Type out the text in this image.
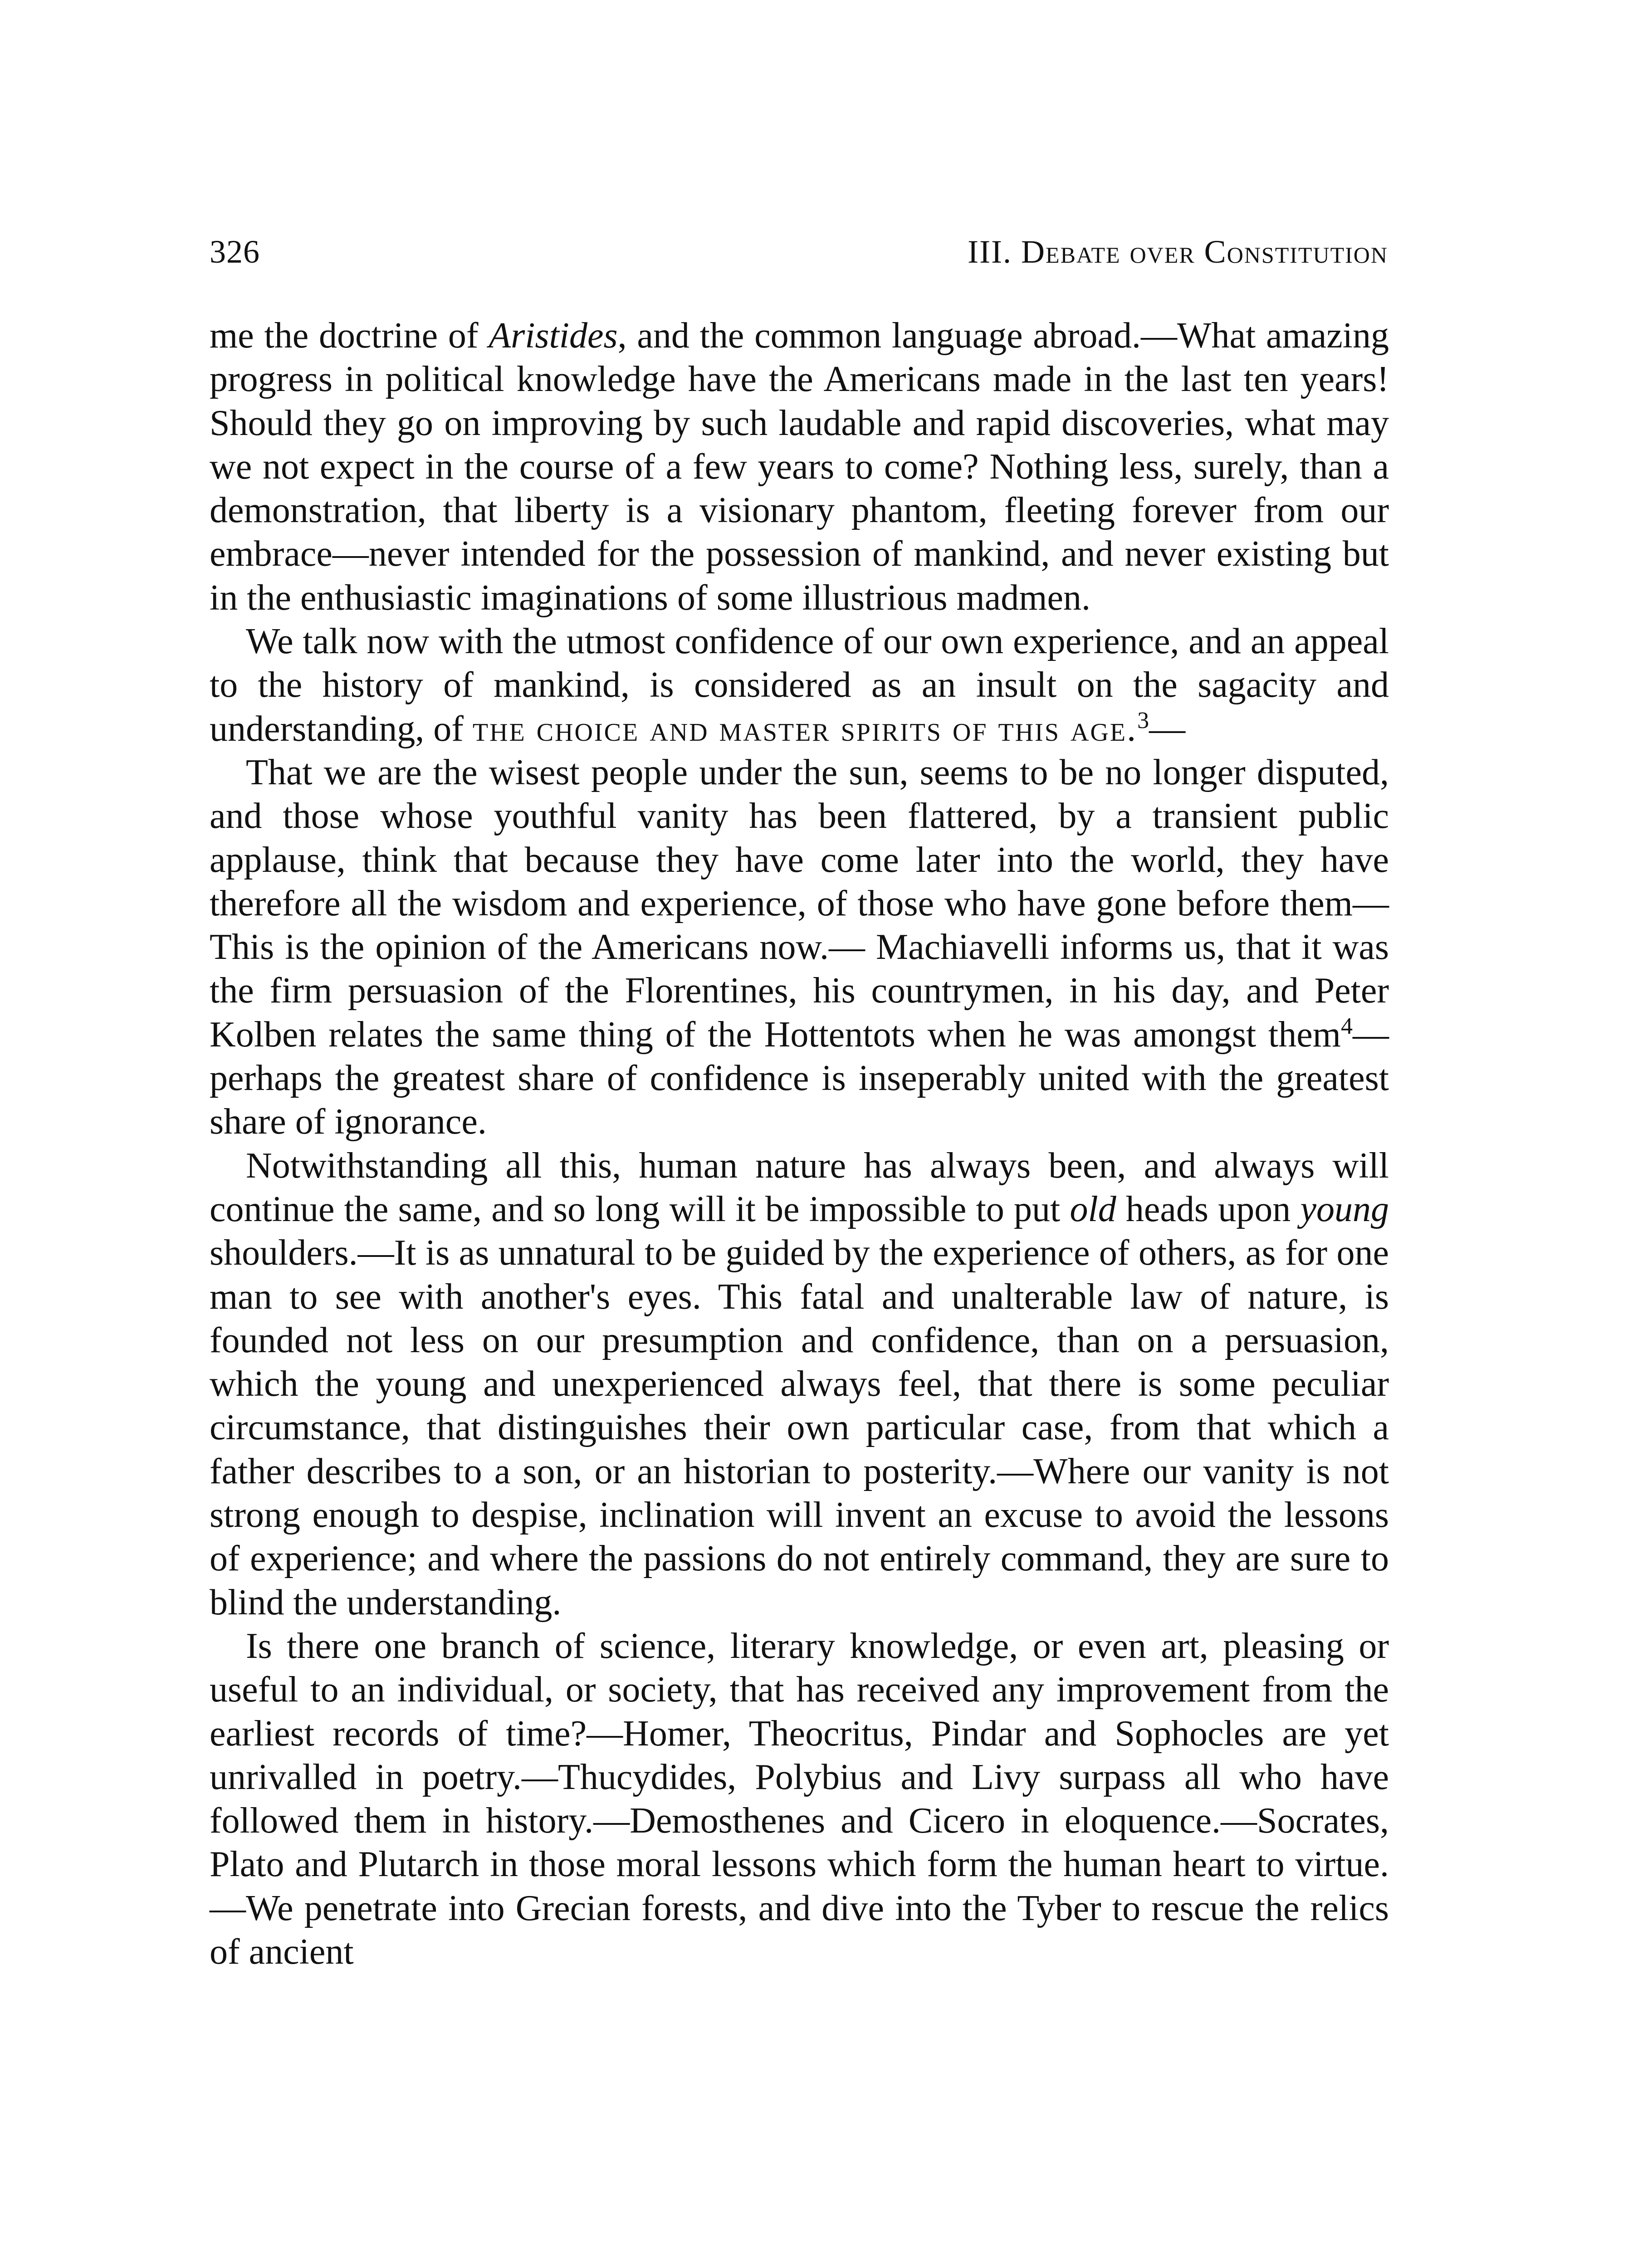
326	III. Debate over Constitution

me the doctrine of Aristides, and the common language abroad.—What amazing progress in political knowledge have the Americans made in the last ten years! Should they go on improving by such laudable and rapid discoveries, what may we not expect in the course of a few years to come? Nothing less, surely, than a demonstration, that liberty is a visionary phantom, fleeting forever from our embrace—never intended for the possession of mankind, and never existing but in the enthusiastic imaginations of some illustrious madmen.

We talk now with the utmost confidence of our own experience, and an appeal to the history of mankind, is considered as an insult on the sagacity and understanding, of the choice and master spirits of this age.$^3$—

That we are the wisest people under the sun, seems to be no longer disputed, and those whose youthful vanity has been flattered, by a transient public applause, think that because they have come later into the world, they have therefore all the wisdom and experience, of those who have gone before them—This is the opinion of the Americans now.— Machiavelli informs us, that it was the firm persuasion of the Florentines, his countrymen, in his day, and Peter Kolben relates the same thing of the Hottentots when he was amongst them$^4$—perhaps the greatest share of confidence is inseperably united with the greatest share of ignorance.

Notwithstanding all this, human nature has always been, and always will continue the same, and so long will it be impossible to put old heads upon young shoulders.—It is as unnatural to be guided by the experience of others, as for one man to see with another's eyes. This fatal and unalterable law of nature, is founded not less on our presumption and confidence, than on a persuasion, which the young and unexperienced always feel, that there is some peculiar circumstance, that distinguishes their own particular case, from that which a father describes to a son, or an historian to posterity.—Where our vanity is not strong enough to despise, inclination will invent an excuse to avoid the lessons of experience; and where the passions do not entirely command, they are sure to blind the understanding.

Is there one branch of science, literary knowledge, or even art, pleasing or useful to an individual, or society, that has received any improvement from the earliest records of time?—Homer, Theocritus, Pindar and Sophocles are yet unrivalled in poetry.—Thucydides, Polybius and Livy surpass all who have followed them in history.—Demosthenes and Cicero in eloquence.—Socrates, Plato and Plutarch in those moral lessons which form the human heart to virtue.—We penetrate into Grecian forests, and dive into the Tyber to rescue the relics of ancient
